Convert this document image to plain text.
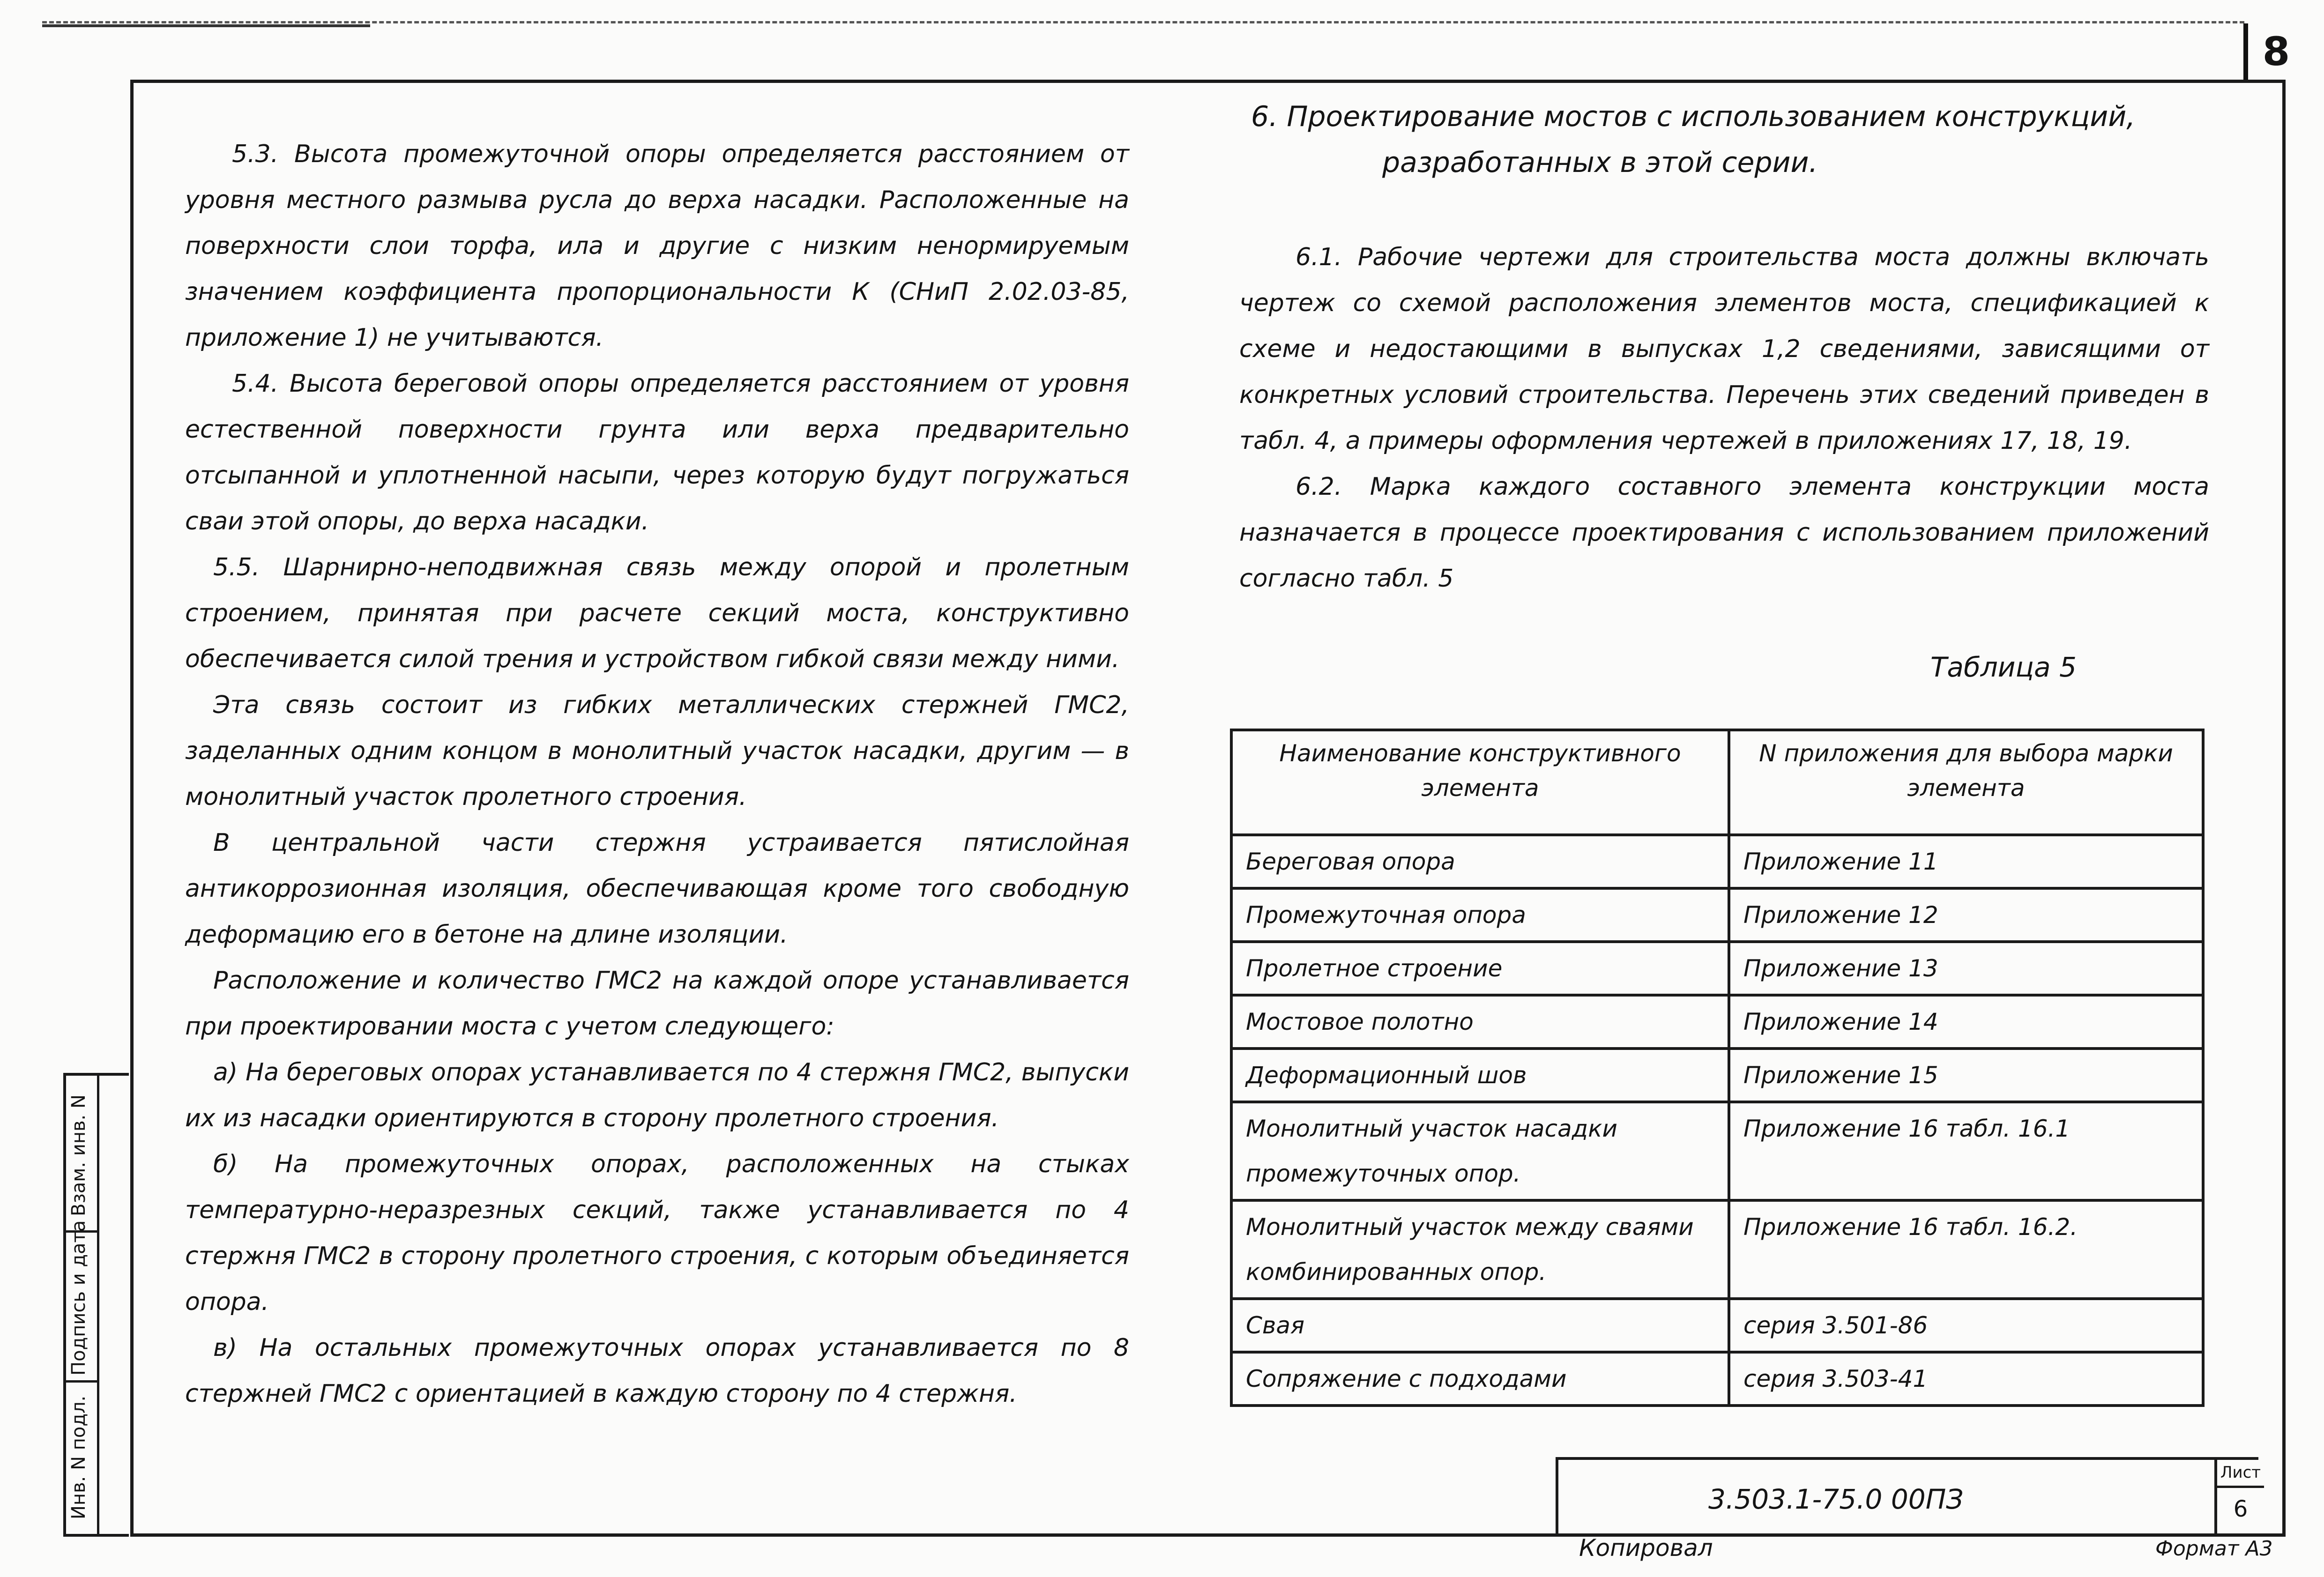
8
Взам. инв. N
Подпись и дата
Инв. N подл.

5.3. Высота промежуточной опоры определяется расстоянием от уровня местного размыва русла до верха насадки. Расположенные на поверхности слои торфа, ила и другие с низким ненормируемым значением коэффициента пропорциональности К (СНиП 2.02.03-85, приложение 1) не учитываются.

5.4. Высота береговой опоры определяется расстоянием от уровня естественной поверхности грунта или верха предварительно отсыпанной и уплотненной насыпи, через которую будут погружаться сваи этой опоры, до верха насадки.

5.5. Шарнирно-неподвижная связь между опорой и пролетным строением, принятая при расчете секций моста, конструктивно обеспечивается силой трения и устройством гибкой связи между ними.

Эта связь состоит из гибких металлических стержней ГМС2, заделанных одним концом в монолитный участок насадки, другим — в монолитный участок пролетного строения.

В центральной части стержня устраивается пятислойная антикоррозионная изоляция, обеспечивающая кроме того свободную деформацию его в бетоне на длине изоляции.

Расположение и количество ГМС2 на каждой опоре устанавливается при проектировании моста с учетом следующего:

а) На береговых опорах устанавливается по 4 стержня ГМС2, выпуски их из насадки ориентируются в сторону пролетного строения.

б) На промежуточных опорах, расположенных на стыках температурно-неразрезных секций, также устанавливается по 4 стержня ГМС2 в сторону пролетного строения, с которым объединяется опора.

в) На остальных промежуточных опорах устанавливается по 8 стержней ГМС2 с ориентацией в каждую сторону по 4 стержня.

6. Проектирование мостов с использованием конструкций,
разработанных в этой серии.

6.1. Рабочие чертежи для строительства моста должны включать чертеж со схемой расположения элементов моста, спецификацией к схеме и недостающими в выпусках 1,2 сведениями, зависящими от конкретных условий строительства. Перечень этих сведений приведен в табл. 4, а примеры оформления чертежей в приложениях 17, 18, 19.

6.2. Марка каждого составного элемента конструкции моста назначается в процессе проектирования с использованием приложений согласно табл. 5

Таблица 5
Наименование конструктивного элемента	N приложения для выбора марки элемента

Береговая опора	Приложение 11
Промежуточная опора	Приложение 12
Пролетное строение	Приложение 13
Мостовое полотно	Приложение 14
Деформационный шов	Приложение 15
Монолитный участок насадки промежуточных опор.	Приложение 16 табл. 16.1
Монолитный участок между сваями комбинированных опор.	Приложение 16 табл. 16.2.
Свая	серия 3.501-86
Сопряжение с подходами	серия 3.503-41
3.503.1-75.0 00ПЗ
Лист
6
Копировал	Формат А3
